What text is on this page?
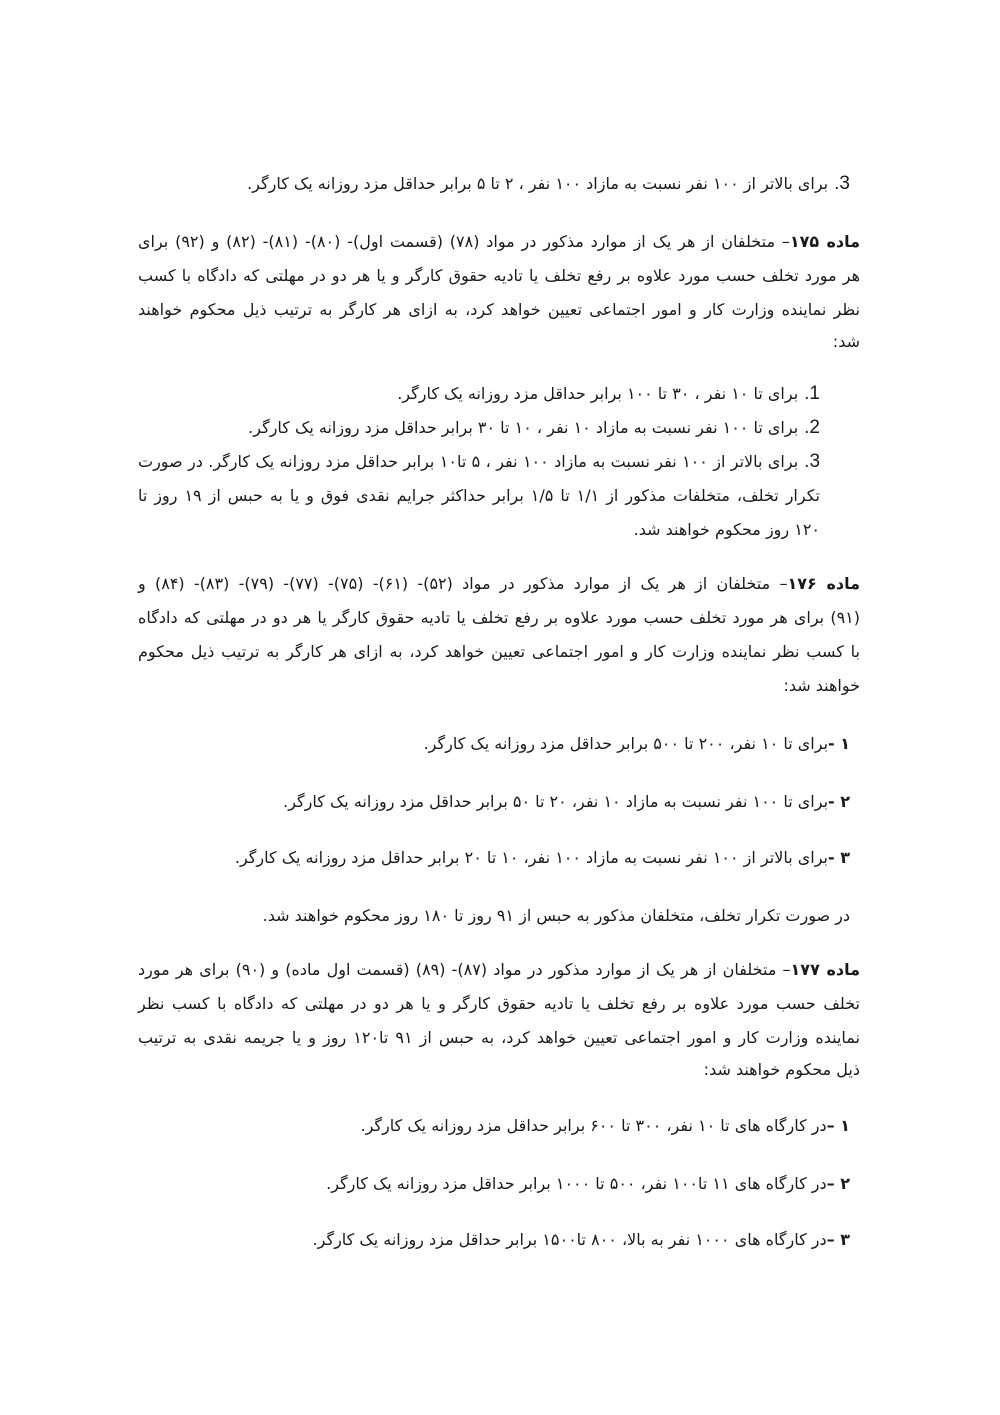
3.برای بالاتر از ۱۰۰ نفر نسبت به مازاد ۱۰۰ نفر ، ۲ تا ۵ برابر حداقل مزد روزانه یک کارگر.
ماده ۱۷۵– متخلفان از هر یک از موارد مذکور در مواد (۷۸) (قسمت اول)- (۸۰)- (۸۱)- (۸۲) و (۹۲) برای
هر مورد تخلف حسب مورد علاوه بر رفع تخلف یا تادیه حقوق کارگر و یا هر دو در مهلتی که دادگاه با کسب
نظر نماینده وزارت کار و امور اجتماعی تعیین خواهد کرد، به ازای هر کارگر به ترتیب ذیل محکوم خواهند
شد:
1.برای تا ۱۰ نفر ، ۳۰ تا ۱۰۰ برابر حداقل مزد روزانه یک کارگر.
2.برای تا ۱۰۰ نفر نسبت به مازاد ۱۰ نفر ، ۱۰ تا ۳۰ برابر حداقل مزد روزانه یک کارگر.
3.برای بالاتر از ۱۰۰ نفر نسبت به مازاد ۱۰۰ نفر ، ۵ تا۱۰ برابر حداقل مزد روزانه یک کارگر. در صورت
تکرار تخلف، متخلفات مذکور از ۱/۱ تا ۱/۵ برابر حداکثر جرایم نقدی فوق و یا به حبس از ۱۹ روز تا
۱۲۰ روز محکوم خواهند شد.
ماده ۱۷۶– متخلفان از هر یک از موارد مذکور در مواد (۵۲)- (۶۱)- (۷۵)- (۷۷)- (۷۹)- (۸۳)- (۸۴) و
(۹۱) برای هر مورد تخلف حسب مورد علاوه بر رفع تخلف یا تادیه حقوق کارگر یا هر دو در مهلتی که دادگاه
با کسب نظر نماینده وزارت کار و امور اجتماعی تعیین خواهد کرد، به ازای هر کارگر به ترتیب ذیل محکوم
خواهند شد:
۱ -برای تا ۱۰ نفر، ۲۰۰ تا ۵۰۰ برابر حداقل مزد روزانه یک کارگر.
۲ -برای تا ۱۰۰ نفر نسبت به مازاد ۱۰ نفر، ۲۰ تا ۵۰ برابر حداقل مزد روزانه یک کارگر.
۳ -برای بالاتر از ۱۰۰ نفر نسبت به مازاد ۱۰۰ نفر، ۱۰ تا ۲۰ برابر حداقل مزد روزانه یک کارگر.
در صورت تکرار تخلف، متخلفان مذکور به حبس از ۹۱ روز تا ۱۸۰ روز محکوم خواهند شد.
ماده ۱۷۷– متخلفان از هر یک از موارد مذکور در مواد (۸۷)- (۸۹) (قسمت اول ماده) و (۹۰) برای هر مورد
تخلف حسب مورد علاوه بر رفع تخلف یا تادیه حقوق کارگر و یا هر دو در مهلتی که دادگاه با کسب نظر
نماینده وزارت کار و امور اجتماعی تعیین خواهد کرد، به حبس از ۹۱ تا۱۲۰ روز و یا جریمه نقدی به ترتیب
ذیل محکوم خواهند شد:
۱ –در کارگاه های تا ۱۰ نفر، ۳۰۰ تا ۶۰۰ برابر حداقل مزد روزانه یک کارگر.
۲ –در کارگاه های ۱۱ تا۱۰۰ نفر، ۵۰۰ تا ۱۰۰۰ برابر حداقل مزد روزانه یک کارگر.
۳ –در کارگاه های ۱۰۰۰ نفر به بالا، ۸۰۰ تا۱۵۰۰ برابر حداقل مزد روزانه یک کارگر.
